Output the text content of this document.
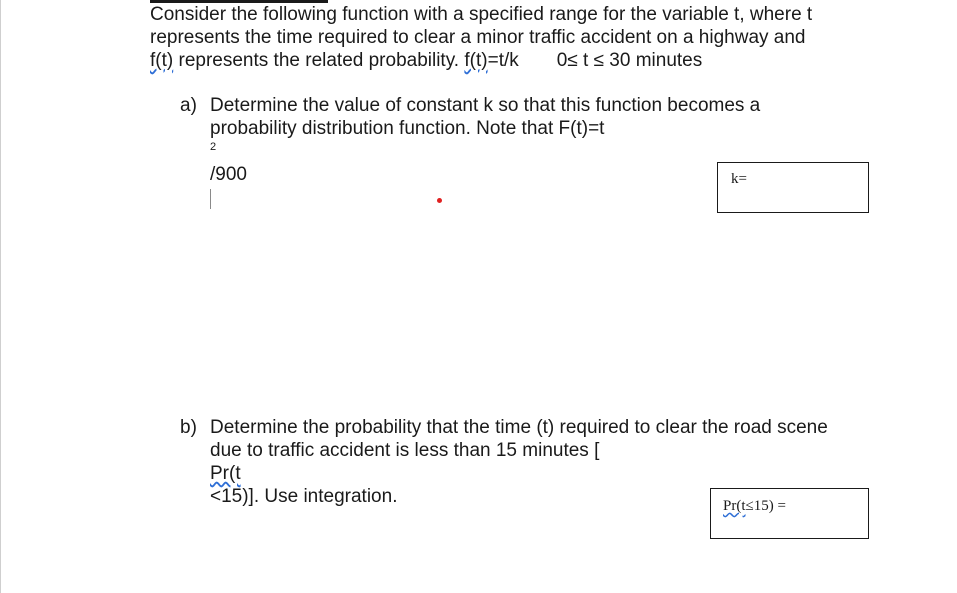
Consider the following function with a specified range for the variable t, where t
represents the time required to clear a minor traffic accident on a highway and
f(t) represents the related probability. f(t)=t/k 0≤ t ≤ 30 minutes
a) Determine the value of constant k so that this function becomes a
probability distribution function. Note that F(t)=t
$^2$
/900	k=
b) Determine the probability that the time (t) required to clear the road scene
due to traffic accident is less than 15 minutes [
Pr(t
<15)]. Use integration.	Pr(t≤15) =
